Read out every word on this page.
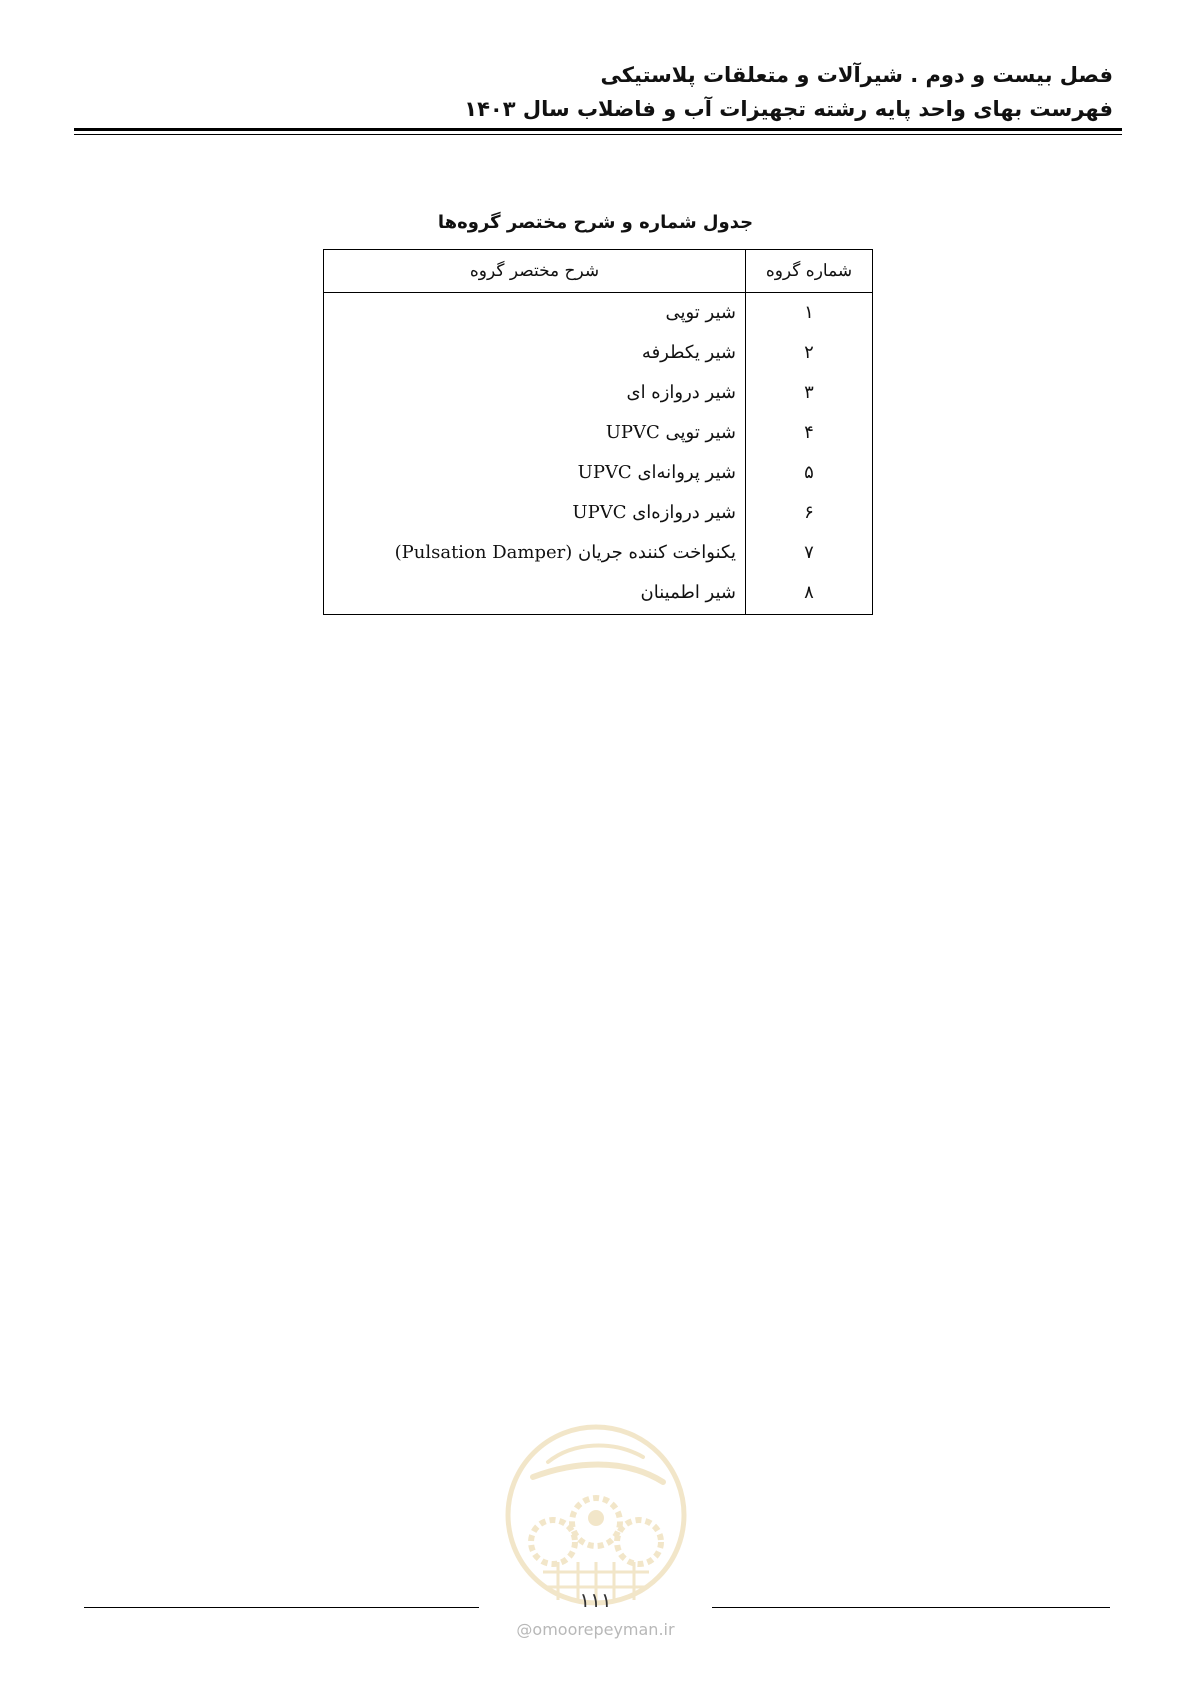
فصل بیست و دوم . شیرآلات و متعلقات پلاستیکی
فهرست بهای واحد پایه رشته تجهیزات آب و فاضلاب سال ۱۴۰۳
جدول شماره و شرح مختصر گروه‌ها
شماره گروه
شرح مختصر گروه
۱
شیر توپی
۲
شیر یکطرفه
۳
شیر دروازه ای
۴
شیر توپی UPVC
۵
شیر پروانه‌ای UPVC
۶
شیر دروازه‌ای UPVC
۷
یکنواخت کننده جریان (Pulsation Damper)
۸
شیر اطمینان
۱۱۱
@omoorepeyman.ir
